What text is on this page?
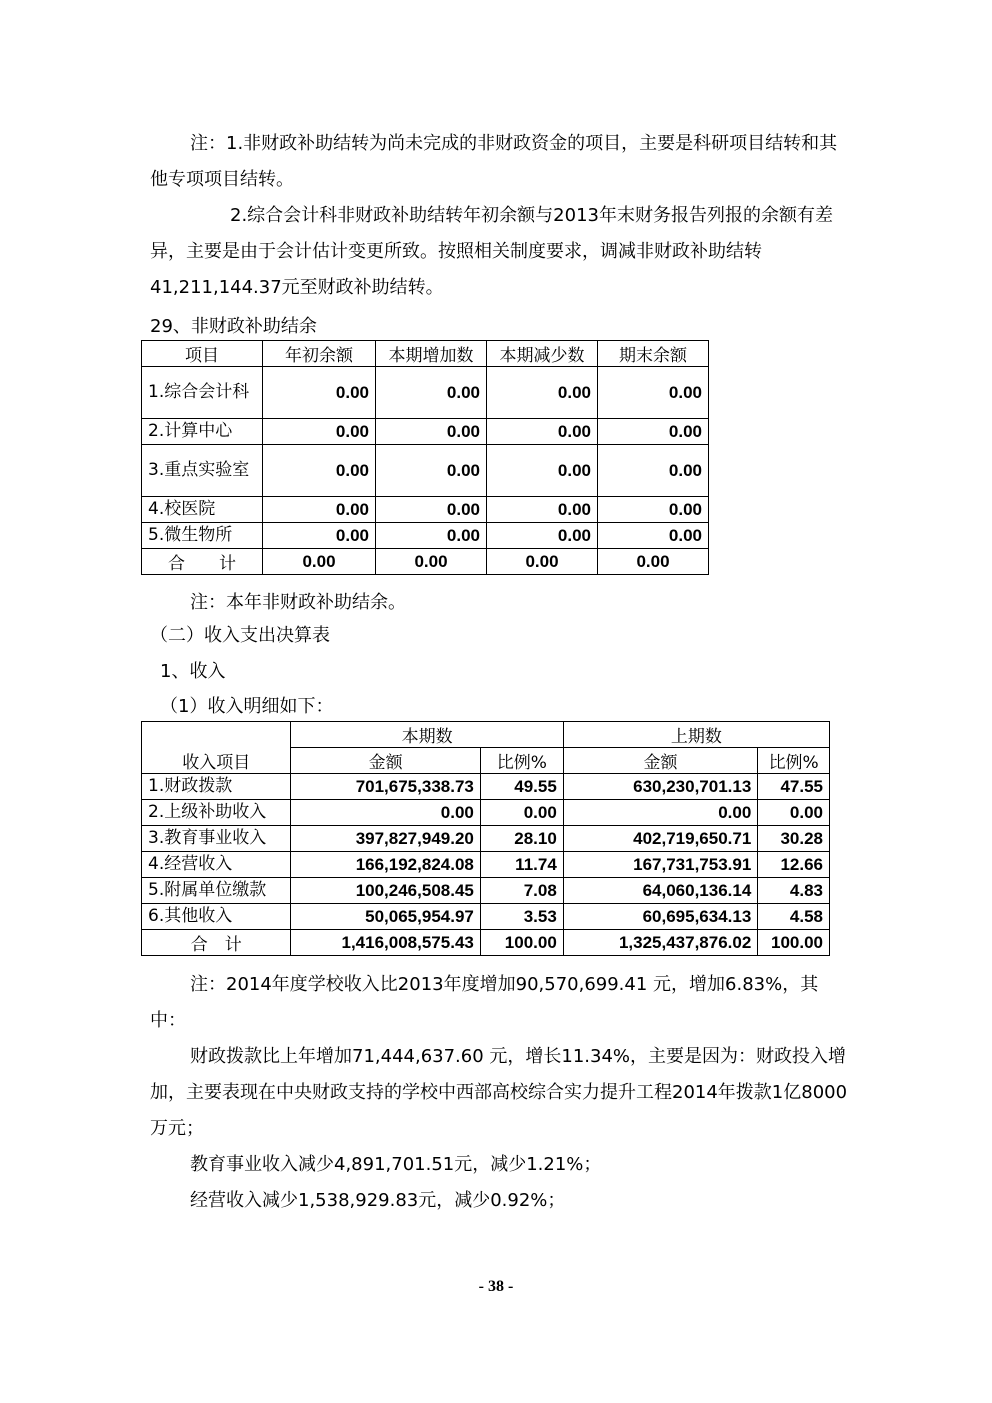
注：1.非财政补助结转为尚未完成的非财政资金的项目，主要是科研项目结转和其他专项项目结转。

2.综合会计科非财政补助结转年初余额与2013年末财务报告列报的余额有差异，主要是由于会计估计变更所致。按照相关制度要求，调减非财政补助结转41,211,144.37元至财政补助结转。

29、非财政补助结余

项目	年初余额	本期增加数	本期减少数	期末余额
1.综合会计科	0.00	0.00	0.00	0.00
2.计算中心	0.00	0.00	0.00	0.00
3.重点实验室	0.00	0.00	0.00	0.00
4.校医院	0.00	0.00	0.00	0.00
5.微生物所	0.00	0.00	0.00	0.00
合　　计	0.00	0.00	0.00	0.00

注：本年非财政补助结余。

（二）收入支出决算表

1、收入

（1）收入明细如下：

收入项目	本期数		上期数	
	金额	比例%	金额	比例%
1.财政拨款	701,675,338.73	49.55	630,230,701.13	47.55
2.上级补助收入	0.00	0.00	0.00	0.00
3.教育事业收入	397,827,949.20	28.10	402,719,650.71	30.28
4.经营收入	166,192,824.08	11.74	167,731,753.91	12.66
5.附属单位缴款	100,246,508.45	7.08	64,060,136.14	4.83
6.其他收入	50,065,954.97	3.53	60,695,634.13	4.58
合　计	1,416,008,575.43	100.00	1,325,437,876.02	100.00

注：2014年度学校收入比2013年度增加90,570,699.41 元，增加6.83%，其中：

财政拨款比上年增加71,444,637.60 元，增长11.34%，主要是因为：财政投入增加，主要表现在中央财政支持的学校中西部高校综合实力提升工程2014年拨款1亿8000万元；

教育事业收入减少4,891,701.51元，减少1.21%；

经营收入减少1,538,929.83元，减少0.92%；

- 38 -
